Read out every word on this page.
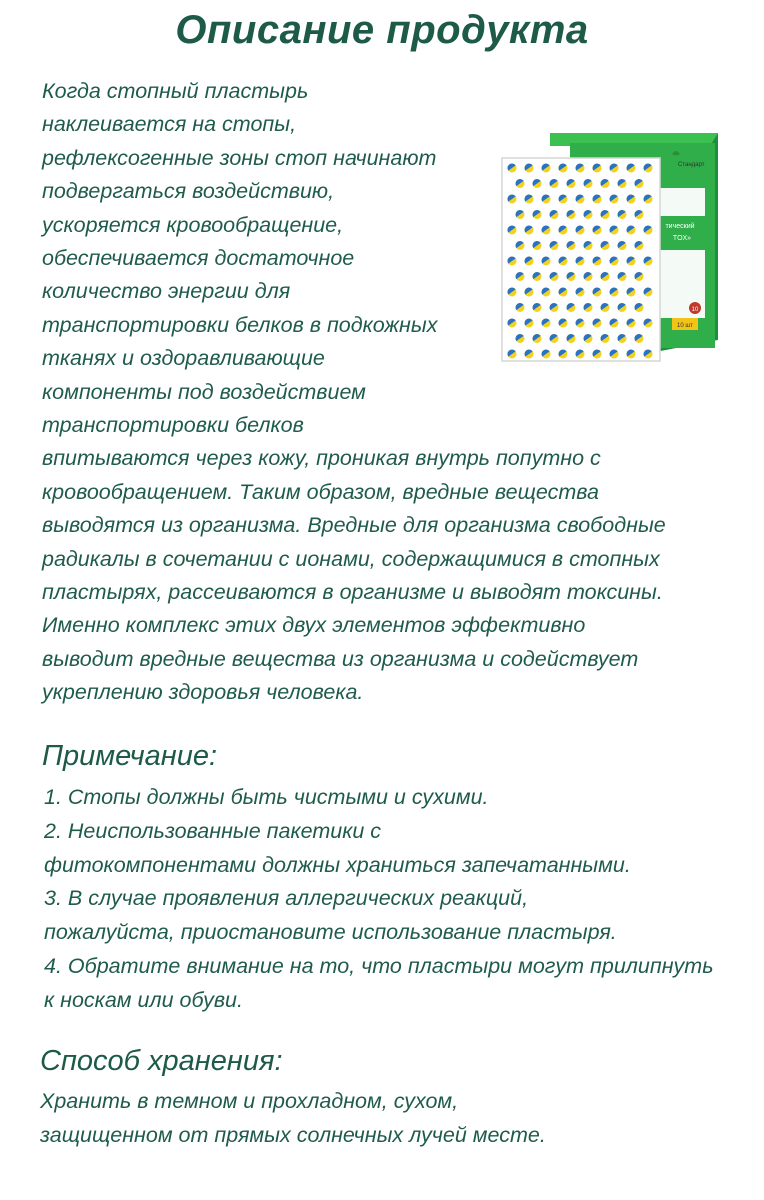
Описание продукта
Когда стопный пластырь
наклеивается на стопы,
рефлексогенные зоны стоп начинают
подвергаться воздействию,
ускоряется кровообращение,
обеспечивается достаточное
количество энергии для
транспортировки белков в подкожных
тканях и оздоравливающие
компоненты под воздействием
транспортировки белков
впитываются через кожу, проникая внутрь попутно с
кровообращением. Таким образом, вредные вещества
выводятся из организма. Вредные для организма свободные
радикалы в сочетании с ионами, содержащимися в стопных
пластырях, рассеиваются в организме и выводят токсины.
Именно комплекс этих двух элементов эффективно
выводит вредные вещества из организма и содействует
укреплению здоровья человека.
Примечание:
1. Стопы должны быть чистыми и сухими.
2. Неиспользованные пакетики с
фитокомпонентами должны храниться запечатанными.
3. В случае проявления аллергических реакций,
пожалуйста, приостановите использование пластыря.
4. Обратите внимание на то, что пластыри могут прилипнуть
к носкам или обуви.
Способ хранения:
Хранить в темном и прохладном, сухом,
защищенном от прямых солнечных лучей месте.
тический
TOX»
Стандарт
10
10 шт
